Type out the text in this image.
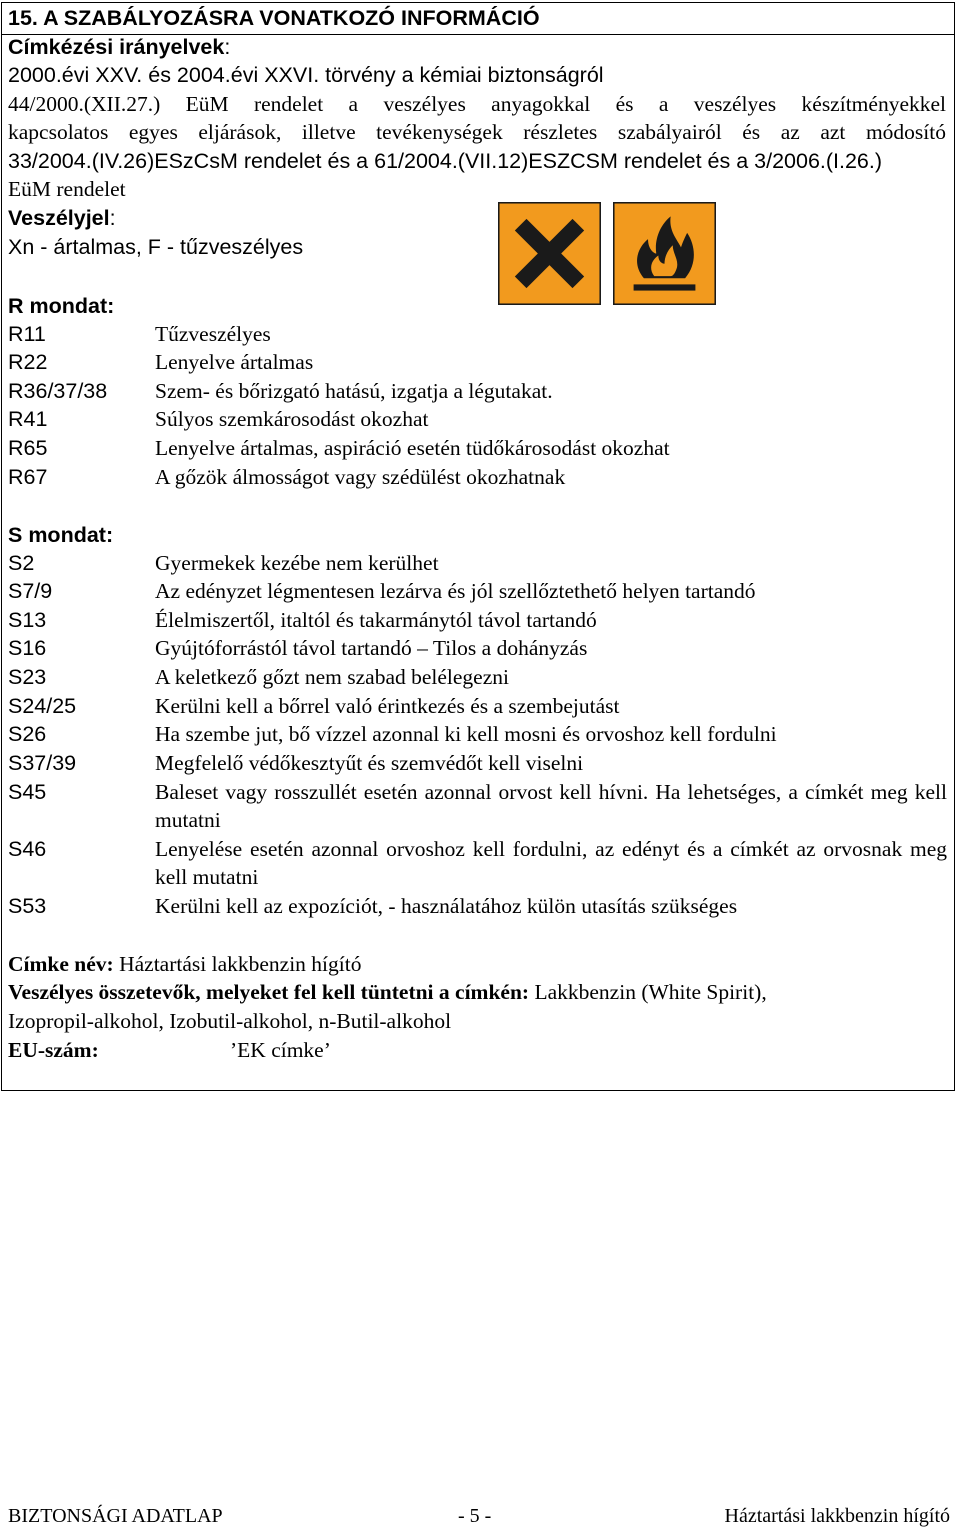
15. A SZABÁLYOZÁSRA VONATKOZÓ INFORMÁCIÓ
Címkézési irányelvek:
2000.évi XXV. és 2004.évi XXVI. törvény a kémiai biztonságról
44/2000.(XII.27.) EüM rendelet a veszélyes anyagokkal és a veszélyes készítményekkel
kapcsolatos egyes eljárások, illetve tevékenységek részletes szabályairól és az azt módosító
33/2004.(IV.26)ESzCsM rendelet és a 61/2004.(VII.12)ESZCSM rendelet és a 3/2006.(I.26.)
EüM rendelet
Veszélyjel:
Xn - ártalmas, F - tűzveszélyes
R mondat:
R11	Tűzveszélyes
R22	Lenyelve ártalmas
R36/37/38 Szem- és bőrizgató hatású, izgatja a légutakat.
R41	Súlyos szemkárosodást okozhat
R65	Lenyelve ártalmas, aspiráció esetén tüdőkárosodást okozhat
R67	A gőzök álmosságot vagy szédülést okozhatnak
S mondat:
S2	Gyermekek kezébe nem kerülhet
S7/9	Az edényzet légmentesen lezárva és jól szellőztethető helyen tartandó
S13	Élelmiszertől, italtól és takarmánytól távol tartandó
S16	Gyújtóforrástól távol tartandó – Tilos a dohányzás
S23	A keletkező gőzt nem szabad belélegezni
S24/25	Kerülni kell a bőrrel való érintkezés és a szembejutást
S26	Ha szembe jut, bő vízzel azonnal ki kell mosni és orvoshoz kell fordulni
S37/39	Megfelelő védőkesztyűt és szemvédőt kell viselni
S45	Baleset vagy rosszullét esetén azonnal orvost kell hívni. Ha lehetséges, a címkét meg kell mutatni
S46	Lenyelése esetén azonnal orvoshoz kell fordulni, az edényt és a címkét az orvosnak meg kell mutatni
S53	Kerülni kell az expozíciót, - használatához külön utasítás szükséges
Címke név: Háztartási lakkbenzin hígító
Veszélyes összetevők, melyeket fel kell tüntetni a címkén: Lakkbenzin (White Spirit),
Izopropil-alkohol, Izobutil-alkohol, n-Butil-alkohol
EU-szám:	’EK címke’
BIZTONSÁGI ADATLAP	- 5 -	Háztartási lakkbenzin hígító
